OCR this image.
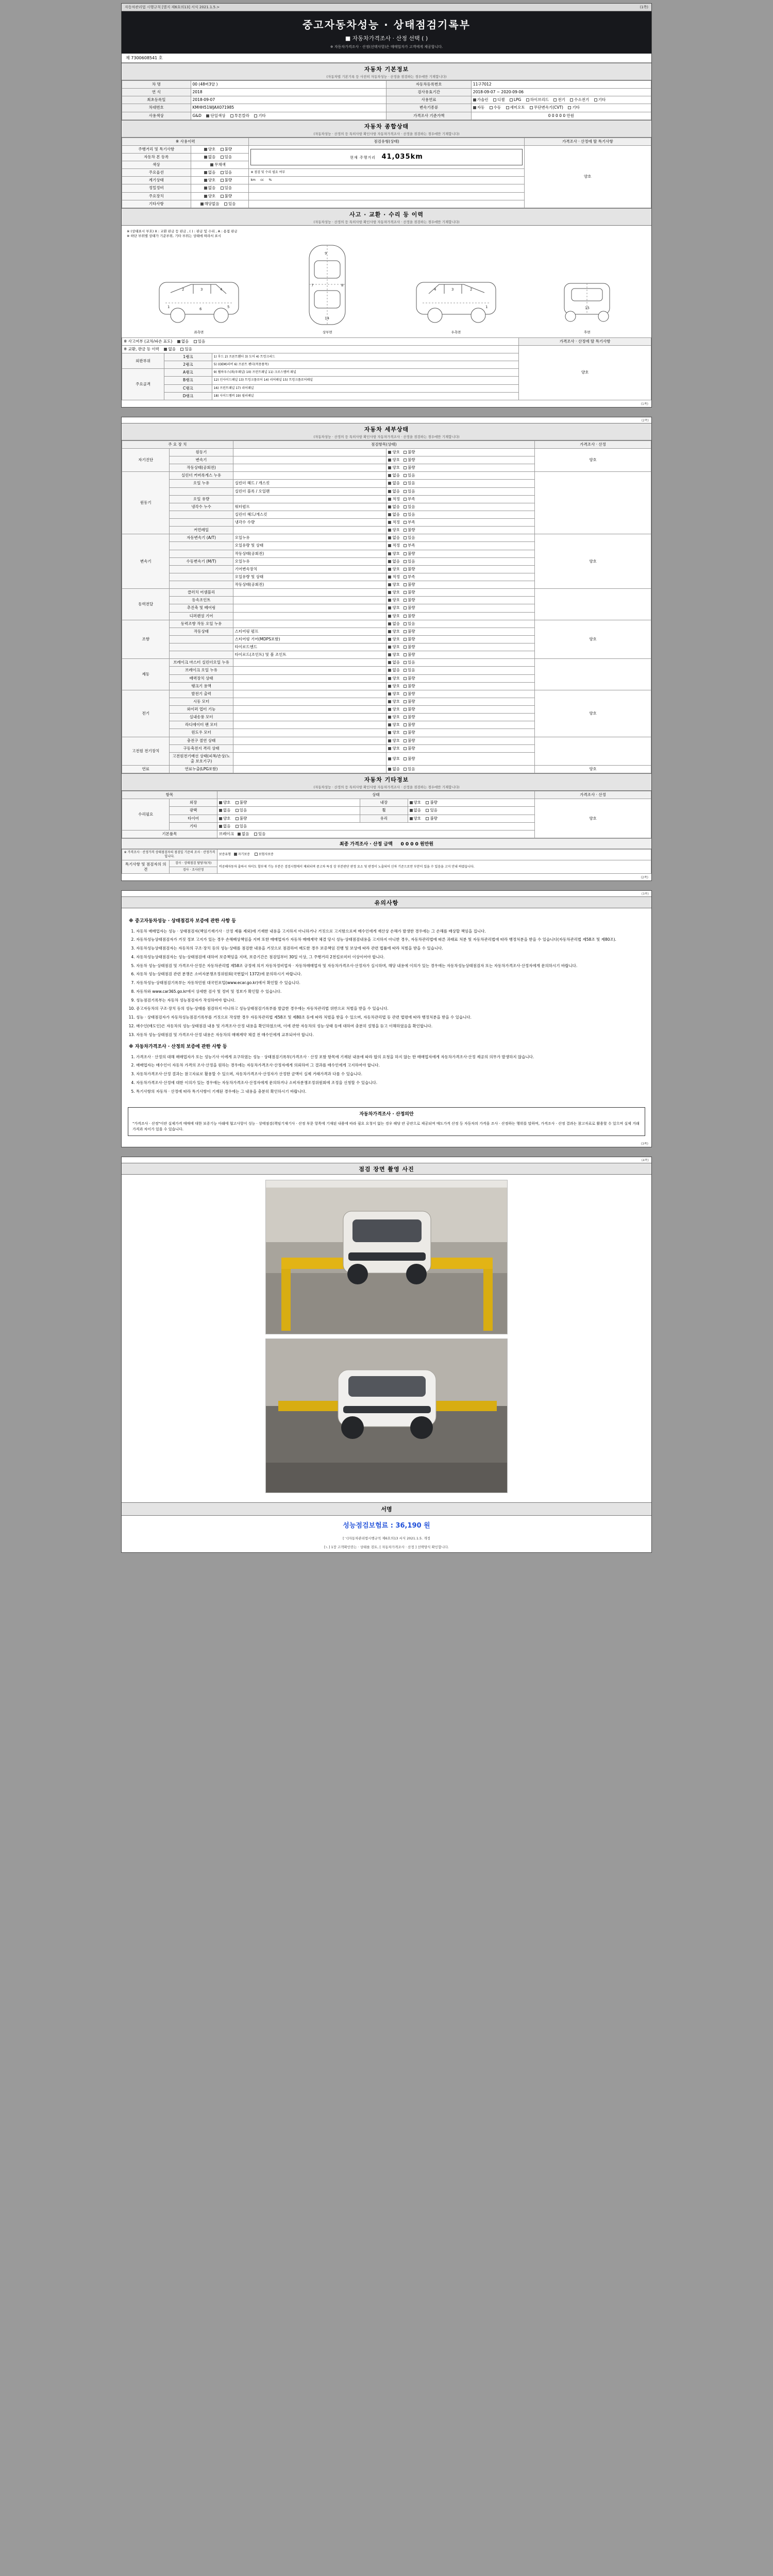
자동차관리법 시행규칙 [별지 제6호의13] 서식 2021.1.5.>	(1쪽)
중고자동차성능 · 상태점검기록부
■ 자동차가격조사 · 산정 선택 ( )
※ 자동차가격조사 · 산정(선택사항)은 매매업자가 고객에게 제공합니다.
제 7300608541 호
자동차 기본정보
(자동차법 기본기록 등 사전히 자동차성능 · 산정을 점검하는 경우에만 기재합니다)
차 명	00 (48버3알 )	자동차등록번호	11구7012
연 식	2018	검사유효기간	2018-09-07 ~ 2020-09-06
최초등록일	2018-09-07	사용연료	가솔린 디젤 LPG 하이브리드 전기 수소전기 기타
차대번호	KMHH51WJAX071985	변속기종류	자동 수동 세미오토 무단변속기(CVT) 기타
사용색상	G&D 단일색상 투톤칼라 기타	가격조사 기준가액	0 0 0 0 0 만원
자동차 종합상태
(자동차성능 · 산정의 등 특히사항 확인사항 자동차가격조사 · 산정을 점검하는 경우에만 기재합니다)
※ 사용이력		점검유형(상태)	가격조사 · 산정에 딸 특기사항
주행거리 및 특기사항	양호 불량	현재 주행거리 41,035km	양호
자동차 본 등록	없음 있음		
색상	무채색		
주요옵션	없음 있음	※ 점검 및 수리 필요 여부	
계기상태	양호 불량	km     cc     %	
정밀정비	없음 있음		
주요장치	양호 불량		
기타사항	해당없음 있음		
사고 · 교환 · 수리 등 이력
(자동차성능 · 산정의 등 특히사항 확인사항 자동차가격조사 · 산정을 점검하는 경우에만 기재합니다)
※ (상태표시 부호) X : 교환 판금 등 판금 , ( ) : 판금 및 수리 , A : 용접 판금
※ 하단 부위별 상태가 기준부위, 기타 부위는 상태에 따라서 표시
2	3	4
1	6	5
좌측면
9
14
7	8
상부면
4	3	2
1
우측면
15
후면
※ 사고여부 (교차/파손 표도) 없음 있음			가격조사 · 산정에 딸 특기사항
※ 교환, 판금 등 이력 없음 있음			양호
외판부위	1랭크	1) 후드 2) 프론트휀더 3) 도어 4) 트렁크리드	
	2랭크	5) (OEM)러버 6) 프론트 펜더(적용품목)	
주요골격	A랭크	9) 휠하우스(좌/우패널) 10) 프런트패널 11) 크로스멤버 패널	
	B랭크	12) 인사이드패널 13) 트렁크플로어 14) 리어패널 15) 트렁크플로어패널	
	C랭크	16) 프런트패널 17) 리어패널	
	D랭크	18) 사이드멤버 19) 필러패널	
(1쪽)
(2쪽)
자동차 세부상태
(자동차성능 · 산정의 등 특히사항 확인사항 자동차가격조사 · 산정을 점검하는 경우에만 기재합니다)
주 요 장 치		점검항목(상태)		가격조사 · 산정
자기진단	원동기		양호 불량	양호
	변속기		양호 불량	
	작동상태(공회전)		양호 불량	
원동기	실린더 커버록게스 누유		없음 있음	
	오일 누유	실린더 헤드 / 개스킷	없음 있음	
		실린더 블록 / 오일팬	없음 있음	
	오일 유량		적정 부족	
	냉각수 누수	워터펌프	없음 있음	
		실린더 헤드/개스킷	없음 있음	
		냉각수 수량	적정 부족	
	커먼레일		양호 불량	
변속기	자동변속기 (A/T)	오일누유	없음 있음	양호
		오일유량 및 상태	적정 부족	
		작동상태(공회전)	양호 불량	
	수동변속기 (M/T)	오일누유	없음 있음	
		기어변속장치	양호 불량	
		오일유량 및 상태	적정 부족	
		작동상태(공회전)	양호 불량	
동력전달	클러치 어셈블리		양호 불량	
	등속조인트		양호 불량	
	추진축 및 베어링		양호 불량	
	디퍼렌셜 기어		양호 불량	
조향	동력조향 작동 오일 누유		없음 있음	양호
	작동상태	스티어링 펌프	양호 불량	
		스티어링 기어(MDPS포함)	양호 불량	
		타이로드엔드	양호 불량	
		타이로드(조인트) 및 볼 조인트	양호 불량	
제동	브레이크 마스터 실린더오일 누유		없음 있음	
	브레이크 오일 누유		없음 있음	
	배력장치 상태		양호 불량	
	탱크기 용액		양호 불량	
전기	발전기 출력		양호 불량	양호
	시동 모터		양호 불량	
	와이퍼 업터 기능		양호 불량	
	실내송풍 모터		양호 불량	
	라디에이터 팬 모터		양호 불량	
	윈도우 모터		양호 불량	
고전원 전기장치	충전구 절연 상태		양호 불량	
	구동축전지 격리 상태		양호 불량	
	고전원전기배선 상태(피복/손상/노출 보호기구)		양호 불량	
연료	연료누출(LPG포함)		없음 있음	양호
자동차 기타정보
(자동차성능 · 산정의 등 특히사항 확인사항 자동차가격조사 · 산정을 점검하는 경우에만 기재합니다)
항목		상태			가격조사 · 산정
수리필요	외장	양호 불량	내장	양호 불량	양호
	광택	없음 있음	휠	없음 있음	
	타이어	양호 불량	유리	양호 불량	
	기타	없음 있음			
기본품목		브레이크 없음 있음			
최종 가격조사 · 산정 금액 0 0 0 0 원만원
※ 가격조사 · 산정가격 상태점검자의 점검일 기준의 조사 · 산정가격 입니다.		보증유형 자기보증 보험사보증
특기사항 및 점검자의 의견	검사 · 상태점검 담당자(자)	비공해자동차 출하시 차이도 할부제 기능 부분은 검검시험에서 제외되며 중고차 특성 상 부분판단 판정 요소 및 판정이 노출되어 신차 기준으로만 부분이 있을 수 있음을 고지 안내 하였습니다.
	검사 · 조사산정	
(2쪽)
(3쪽)
유의사항
※ 중고자동차성능 · 상태점검자 보증에 관한 사항 등
1. 자동차 매매업자는 성능 · 상태점검자(책임기재기사 · 산정 제품 제외)에 기재한 내용을 고지하지 아니하거나 거짓으로 고지함으로써 매수인에게 재산상 손해가 발생한 경우에는 그 손해를 배상할 책임을 집니다.
2. 자동차성능상태점검자가 거짓 정보 고지가 있는 경우 손해배상책임을 지며 또한 매매업자가 자동차 매매계약 체결 당시 성능·상태점검내용을 고지하지 아니한 경우, 자동차관리법에 따른 과태료 처분 및 자동차관리법에 따라 행정처분을 받을 수 있습니다(자동차관리법 제58조 및 제80조).
3. 자동차성능상태점검자는 자동차의 구조·장치 등의 성능·상태를 점검한 내용을 거짓으로 점검하여 매도한 경우 보증책임 진행 및 보상에 따라 관련 법률에 따라 처벌을 받을 수 있습니다.
4. 자동차성능상태점검자는 성능·상태점검에 대하여 보증책임을 지며, 보증기간은 점검일부터 30일 이상, 그 주행거리 2천킬로미터 이상이어야 합니다.
5. 자동차 성능·상태점검 및 가격조사·산정은 자동차관리법 제58조 규정에 의거 자동차정비업자 · 자동차매매업자 및 자동차가격조사·산정자가 실시하며, 해당 내용에 이의가 있는 경우에는 자동차성능상태점검자 또는 자동차가격조사·산정자에게 문의하시기 바랍니다.
6. 자동차 성능·상태점검 관련 분쟁은 소비자분쟁조정위원회(국번없이 1372)에 문의하시기 바랍니다.
7. 자동차성능·상태점검기록부는 자동차민원 대국민포털(www.ecar.go.kr)에서 확인할 수 있습니다.
8. 자동차와 www.car365.go.kr에서 상세한 검사 및 정비 및 정보가 확인할 수 있습니다.
9. 성능점검기록부는 자동차 성능점검자가 작성하여야 합니다.
10. 중고자동차의 구조·장치 등의 성능·상태를 점검하지 아니하고 성능상태점검기록부를 발급한 경우에는 자동차관리법 위반으로 처벌을 받을 수 있습니다.
11. 성능 · 상태점검자가 자동차성능점검기록부를 거짓으로 작성한 경우 자동차관리법 제58조 및 제80조 등에 따라 처벌을 받을 수 있으며, 자동차관리법 등 관련 법령에 따라 행정처분을 받을 수 있습니다.
12. 매수인(매도인)은 자동차의 성능·상태점검 내용 및 가격조사·산정 내용을 확인하였으며, 이에 관한 자동차의 성능·상태 등에 대하여 충분히 설명을 듣고 이해하였음을 확인합니다.
13. 자동차 성능·상태점검 및 가격조사·산정 내용은 자동차의 매매계약 체결 전 매수인에게 교부되어야 합니다.
※ 자동차가격조사 · 산정의 보증에 관한 사항 등
1. 가격조사 · 산정의 대해 매매업자가 또는 성능기사 이에게 요구하였는 성능 · 상태점검기록부(가격조사 · 산정 포함 항목에 기재된 내용에 따라 합의 요청을 하지 않는 한 매매업자에게 자동차가격조사·산정 제공의 의무가 발생하지 않습니다.
2. 매매업자는 매수인이 자동차 가격의 조사·산정을 원하는 경우에는 자동차가격조사·산정자에게 의뢰하여 그 결과를 매수인에게 고지하여야 합니다.
3. 자동차가격조사·산정 결과는 참고자료로 활용할 수 있으며, 자동차가격조사·산정자가 산정한 금액이 실제 거래가격과 다를 수 있습니다.
4. 자동차가격조사·산정에 대한 이의가 있는 경우에는 자동차가격조사·산정자에게 문의하거나 소비자분쟁조정위원회에 조정을 신청할 수 있습니다.
5. 특기사항의 자동차 · 산정에 따라 특기사항이 기재된 경우에는 그 내용을 충분히 확인하시기 바랍니다.
자동차가격조사 · 산정의안
"가격조사 · 산정"이란 실제가격 매매에 대한 보증기능 아래에 협고사항이 성능 · 상태점검(책임기재기사 · 산정 부문 항목에 기재된 내용에 따라 필요 요청이 없는 경우 해당 란 공란으로 제공되며 매도가격 산정 등 자동차의 가격을 조사 · 산정하는 행위를 말하며, 가격조사 · 산정 결과는 참고자료로 활용할 수 있으며 실제 거래가격과 차이가 있을 수 있습니다.
(3쪽)
(4쪽)
점검 장면 촬영 사진
서명
성능점검보험료 : 36,190 원
[ㄱ]자동차관리법시행규칙 제6호의13 서식 2021.1.5. 개정
[ㄴ] 1장 고객확인란는 · 상태를 검토, [ 자동차가격조사 · 산정 ] 선택양식 확인합니다.
